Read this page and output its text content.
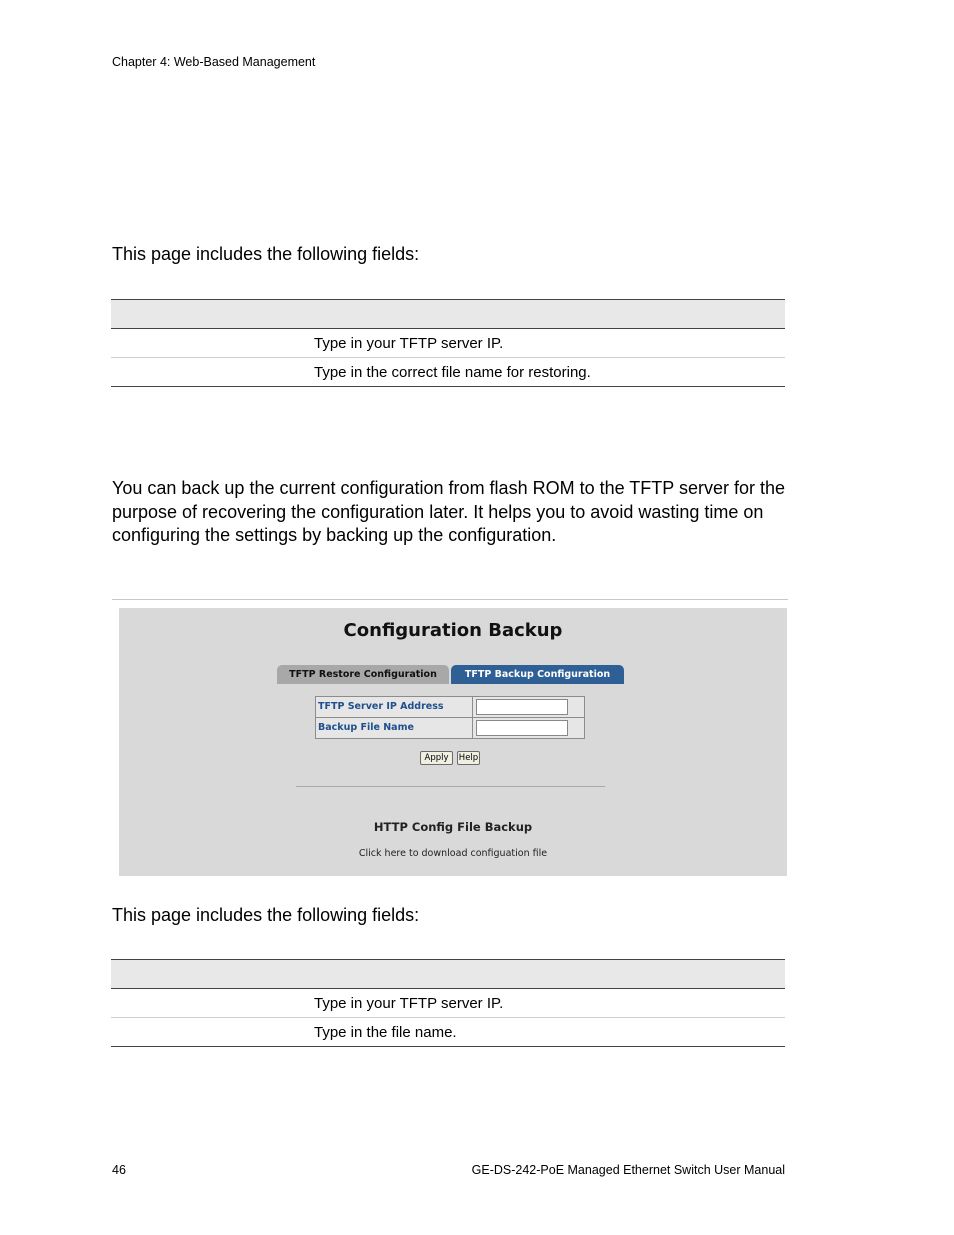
Chapter 4: Web-Based Management
This page includes the following fields:

	Type in your TFTP server IP.
	Type in the correct file name for restoring.
You can back up the current configuration from flash ROM to the TFTP server for the purpose of recovering the configuration later. It helps you to avoid wasting time on configuring the settings by backing up the configuration.
Configuration Backup
TFTP Restore Configuration	TFTP Backup Configuration
TFTP Server IP Address
Backup File Name
Apply	Help
HTTP Config File Backup
Click here to download configuation file
This page includes the following fields:

	Type in your TFTP server IP.
	Type in the file name.
46	GE-DS-242-PoE Managed Ethernet Switch User Manual
